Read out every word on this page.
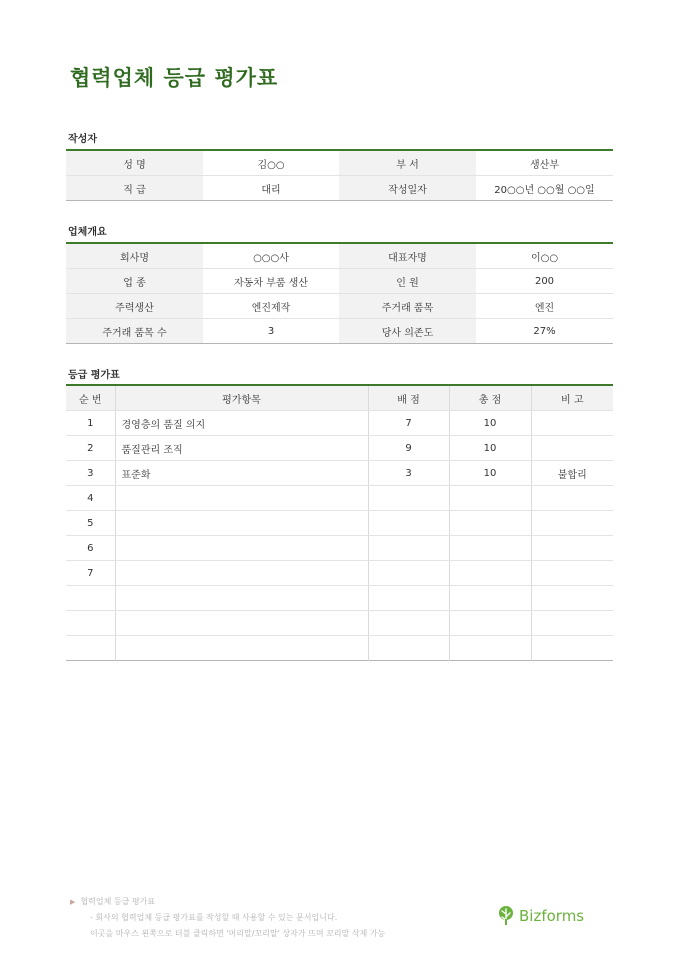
협력업체 등급 평가표
작성자
성 명	김○○	부 서	생산부
직 급	대리	작성일자	20○○년 ○○월 ○○일
업체개요
회사명	○○○사	대표자명	이○○
업 종	자동차 부품 생산	인 원	200
주력생산	엔진제작	주거래 품목	엔진
주거래 품목 수	3	당사 의존도	27%
등급 평가표
순 번	평가항목	배 점	총 점	비 고
1	경영층의 품질 의지	7	10	
2	품질관리 조직	9	10	
3	표준화	3	10	불합리
4				
5				
6				
7				

▶ 협력업체 등급 평가표
- 회사의 협력업체 등급 평가표를 작성할 때 사용할 수 있는 문서입니다.
이곳을 마우스 왼쪽으로 더블 클릭하면 '머리말/꼬리말' 상자가 뜨며 꼬리말 삭제 가능
Bizforms
